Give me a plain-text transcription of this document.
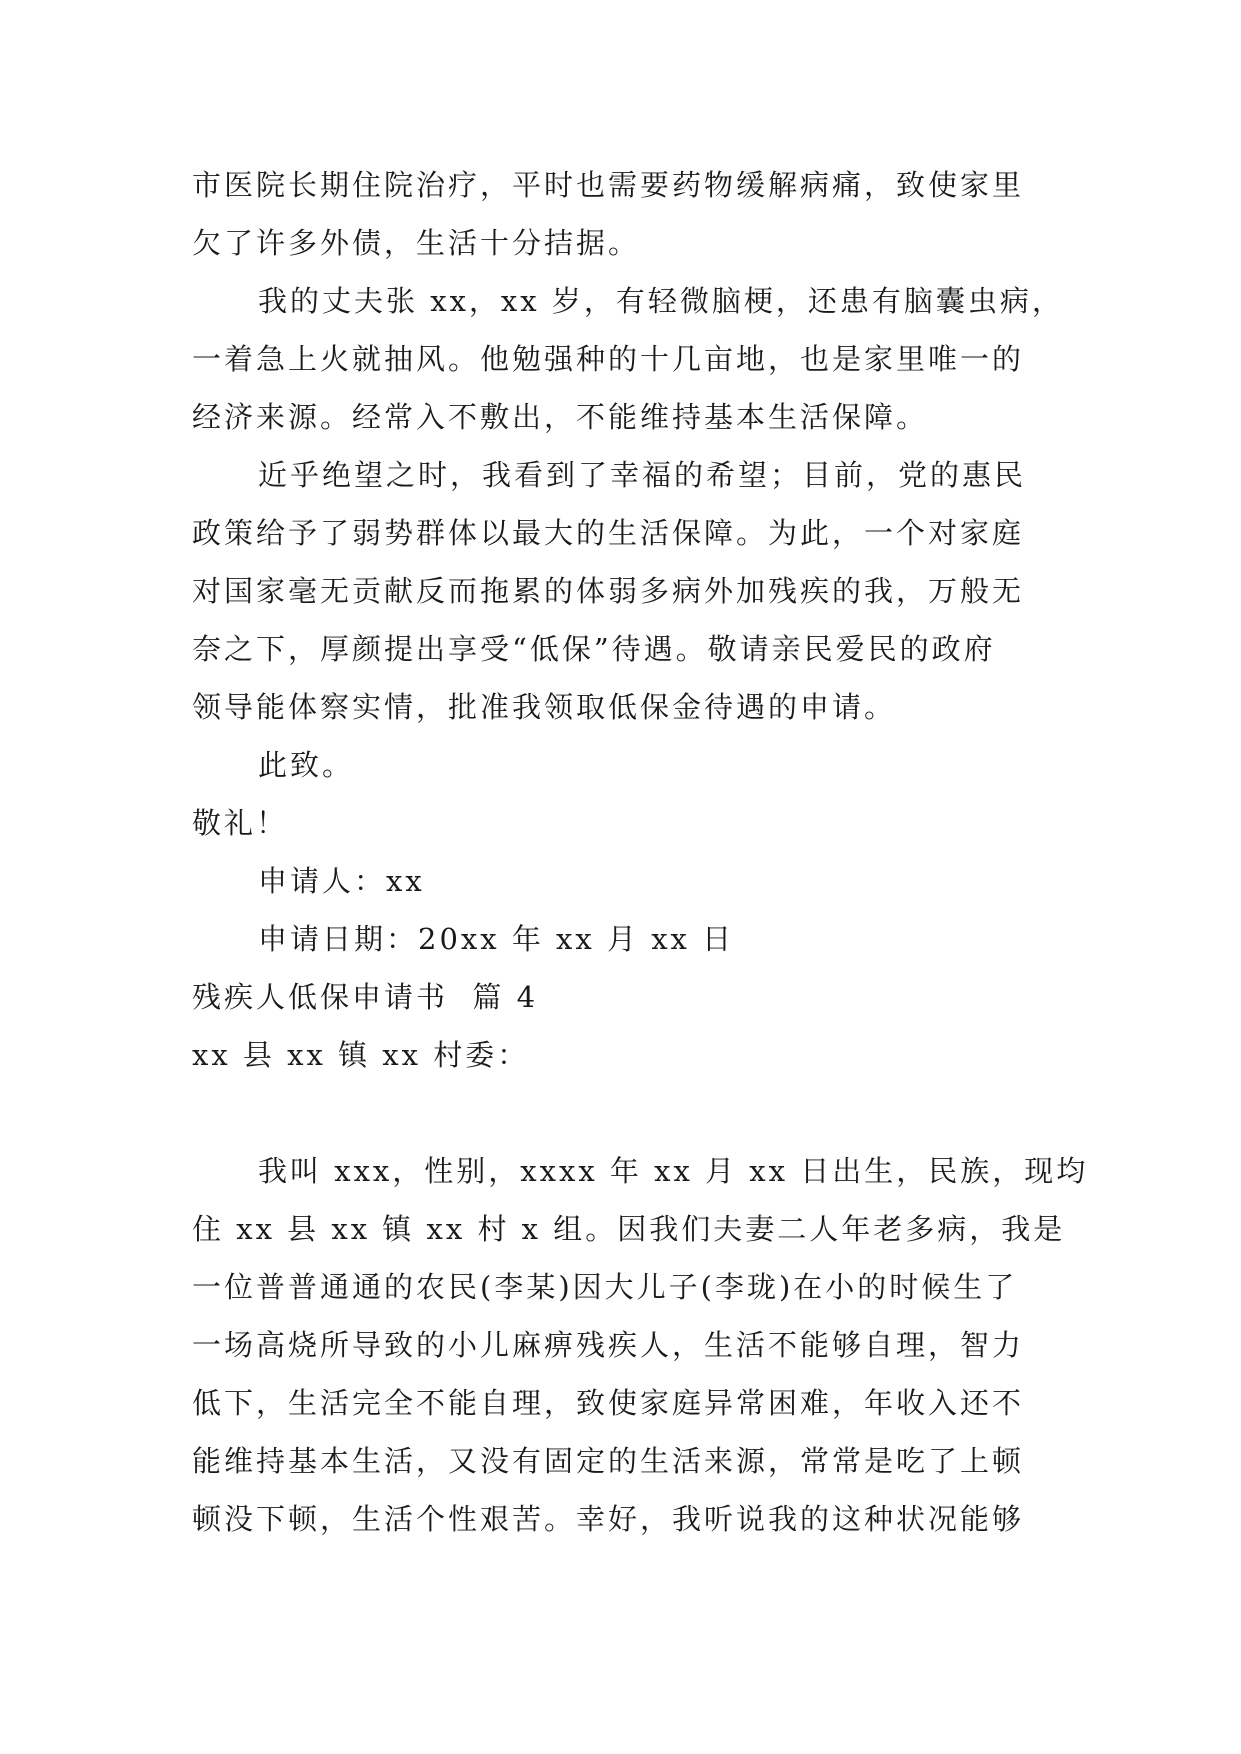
市医院长期住院治疗，平时也需要药物缓解病痛，致使家里
欠了许多外债，生活十分拮据。
我的丈夫张 xx，xx 岁，有轻微脑梗，还患有脑囊虫病，
一着急上火就抽风。他勉强种的十几亩地，也是家里唯一的
经济来源。经常入不敷出，不能维持基本生活保障。
近乎绝望之时，我看到了幸福的希望；目前，党的惠民
政策给予了弱势群体以最大的生活保障。为此，一个对家庭
对国家毫无贡献反而拖累的体弱多病外加残疾的我，万般无
奈之下，厚颜提出享受“低保”待遇。敬请亲民爱民的政府
领导能体察实情，批准我领取低保金待遇的申请。
此致。
敬礼！
申请人：xx
申请日期：20xx 年 xx 月 xx 日
残疾人低保申请书  篇 4
xx 县 xx 镇 xx 村委：
我叫 xxx，性别，xxxx 年 xx 月 xx 日出生，民族，现均
住 xx 县 xx 镇 xx 村 x 组。因我们夫妻二人年老多病，我是
一位普普通通的农民(李某)因大儿子(李珑)在小的时候生了
一场高烧所导致的小儿麻痹残疾人，生活不能够自理，智力
低下，生活完全不能自理，致使家庭异常困难，年收入还不
能维持基本生活，又没有固定的生活来源，常常是吃了上顿
顿没下顿，生活个性艰苦。幸好，我听说我的这种状况能够
